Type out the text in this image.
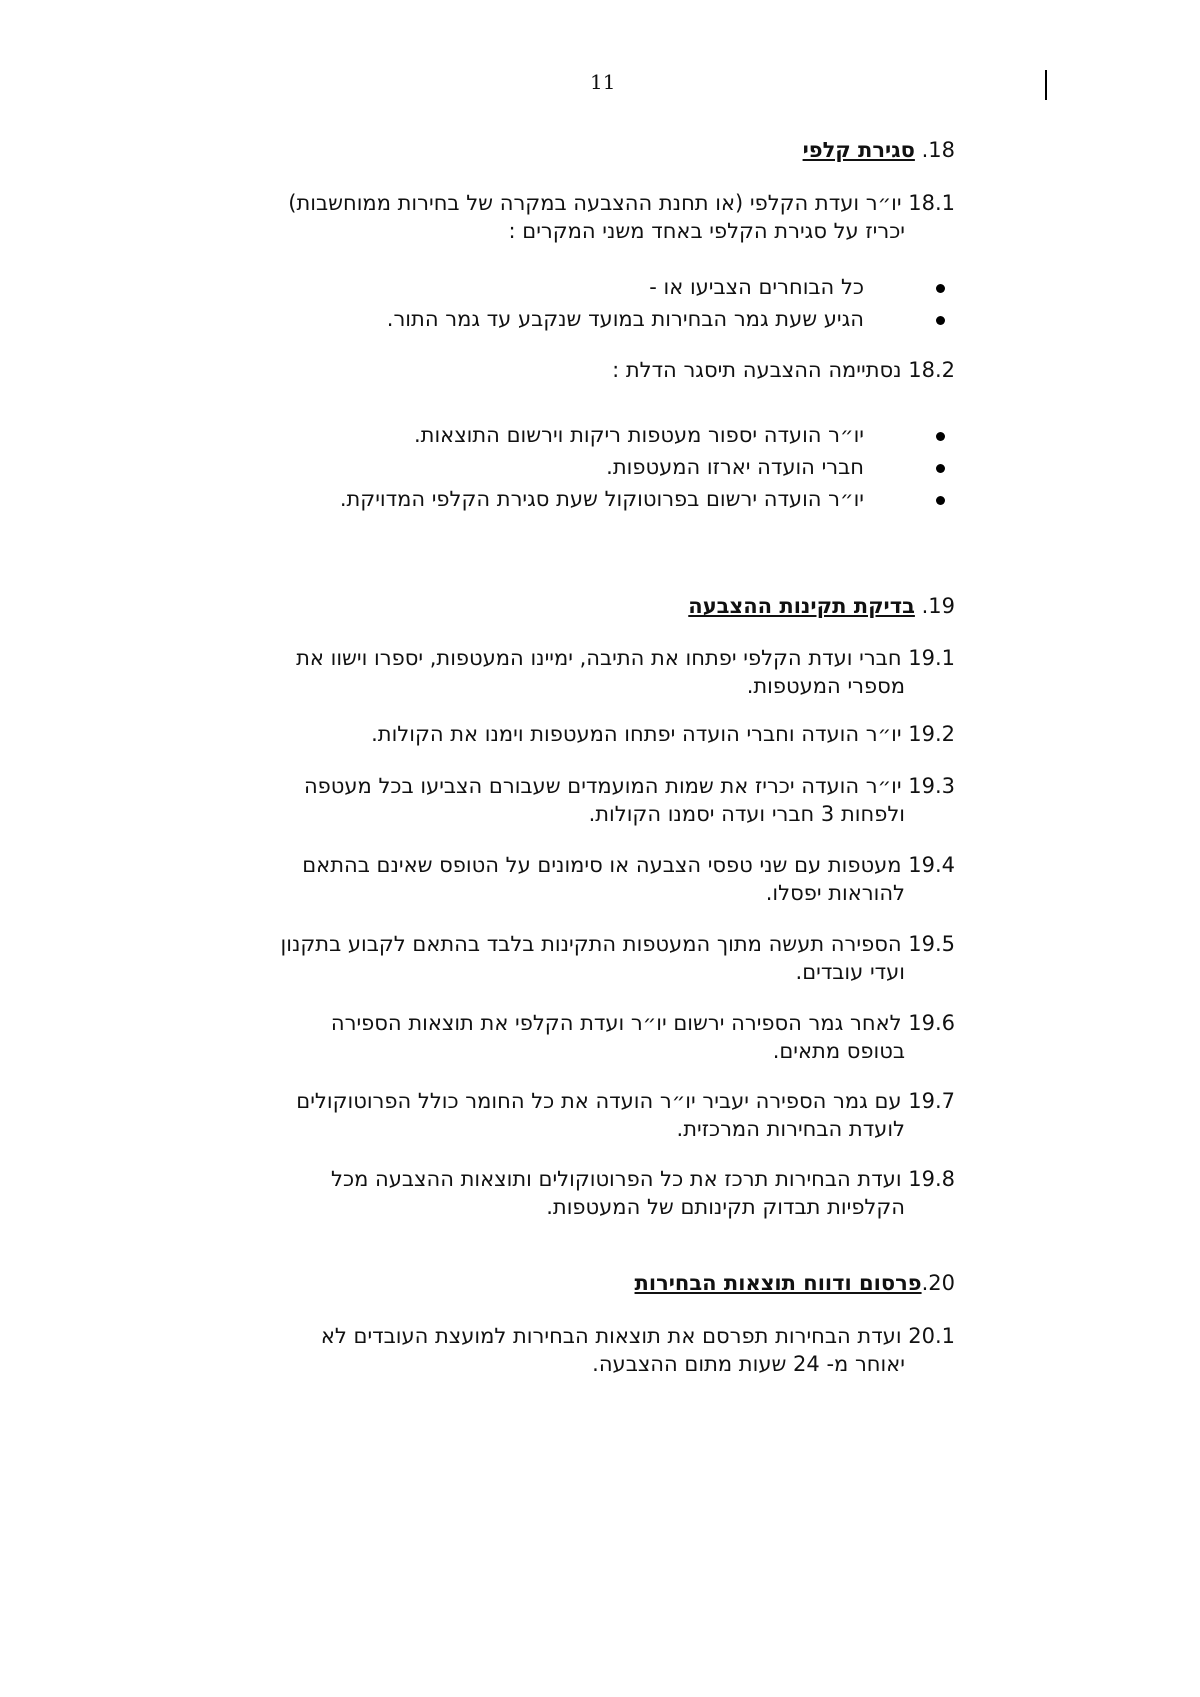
11
18. סגירת קלפי
18.1 יו״ר ועדת הקלפי (או תחנת ההצבעה במקרה של בחירות ממוחשבות)
יכריז על סגירת הקלפי באחד משני המקרים :
כל הבוחרים הצביעו או -
הגיע שעת גמר הבחירות במועד שנקבע עד גמר התור.
18.2 נסתיימה ההצבעה תיסגר הדלת :
יו״ר הועדה יספור מעטפות ריקות וירשום התוצאות.
חברי הועדה יארזו המעטפות.
יו״ר הועדה ירשום בפרוטוקול שעת סגירת הקלפי המדויקת.
19. בדיקת תקינות ההצבעה
19.1 חברי ועדת הקלפי יפתחו את התיבה, ימיינו המעטפות, יספרו וישוו את
מספרי המעטפות.
19.2 יו״ר הועדה וחברי הועדה יפתחו המעטפות וימנו את הקולות.
19.3 יו״ר הועדה יכריז את שמות המועמדים שעבורם הצביעו בכל מעטפה
ולפחות 3 חברי ועדה יסמנו הקולות.
19.4 מעטפות עם שני טפסי הצבעה או סימונים על הטופס שאינם בהתאם
להוראות יפסלו.
19.5 הספירה תעשה מתוך המעטפות התקינות בלבד בהתאם לקבוע בתקנון
ועדי עובדים.
19.6 לאחר גמר הספירה ירשום יו״ר ועדת הקלפי את תוצאות הספירה
בטופס מתאים.
19.7 עם גמר הספירה יעביר יו״ר הועדה את כל החומר כולל הפרוטוקולים
לועדת הבחירות המרכזית.
19.8 ועדת הבחירות תרכז את כל הפרוטוקולים ותוצאות ההצבעה מכל
הקלפיות תבדוק תקינותם של המעטפות.
20.פרסום ודווח תוצאות הבחירות
20.1 ועדת הבחירות תפרסם את תוצאות הבחירות למועצת העובדים לא
יאוחר מ- 24 שעות מתום ההצבעה.
